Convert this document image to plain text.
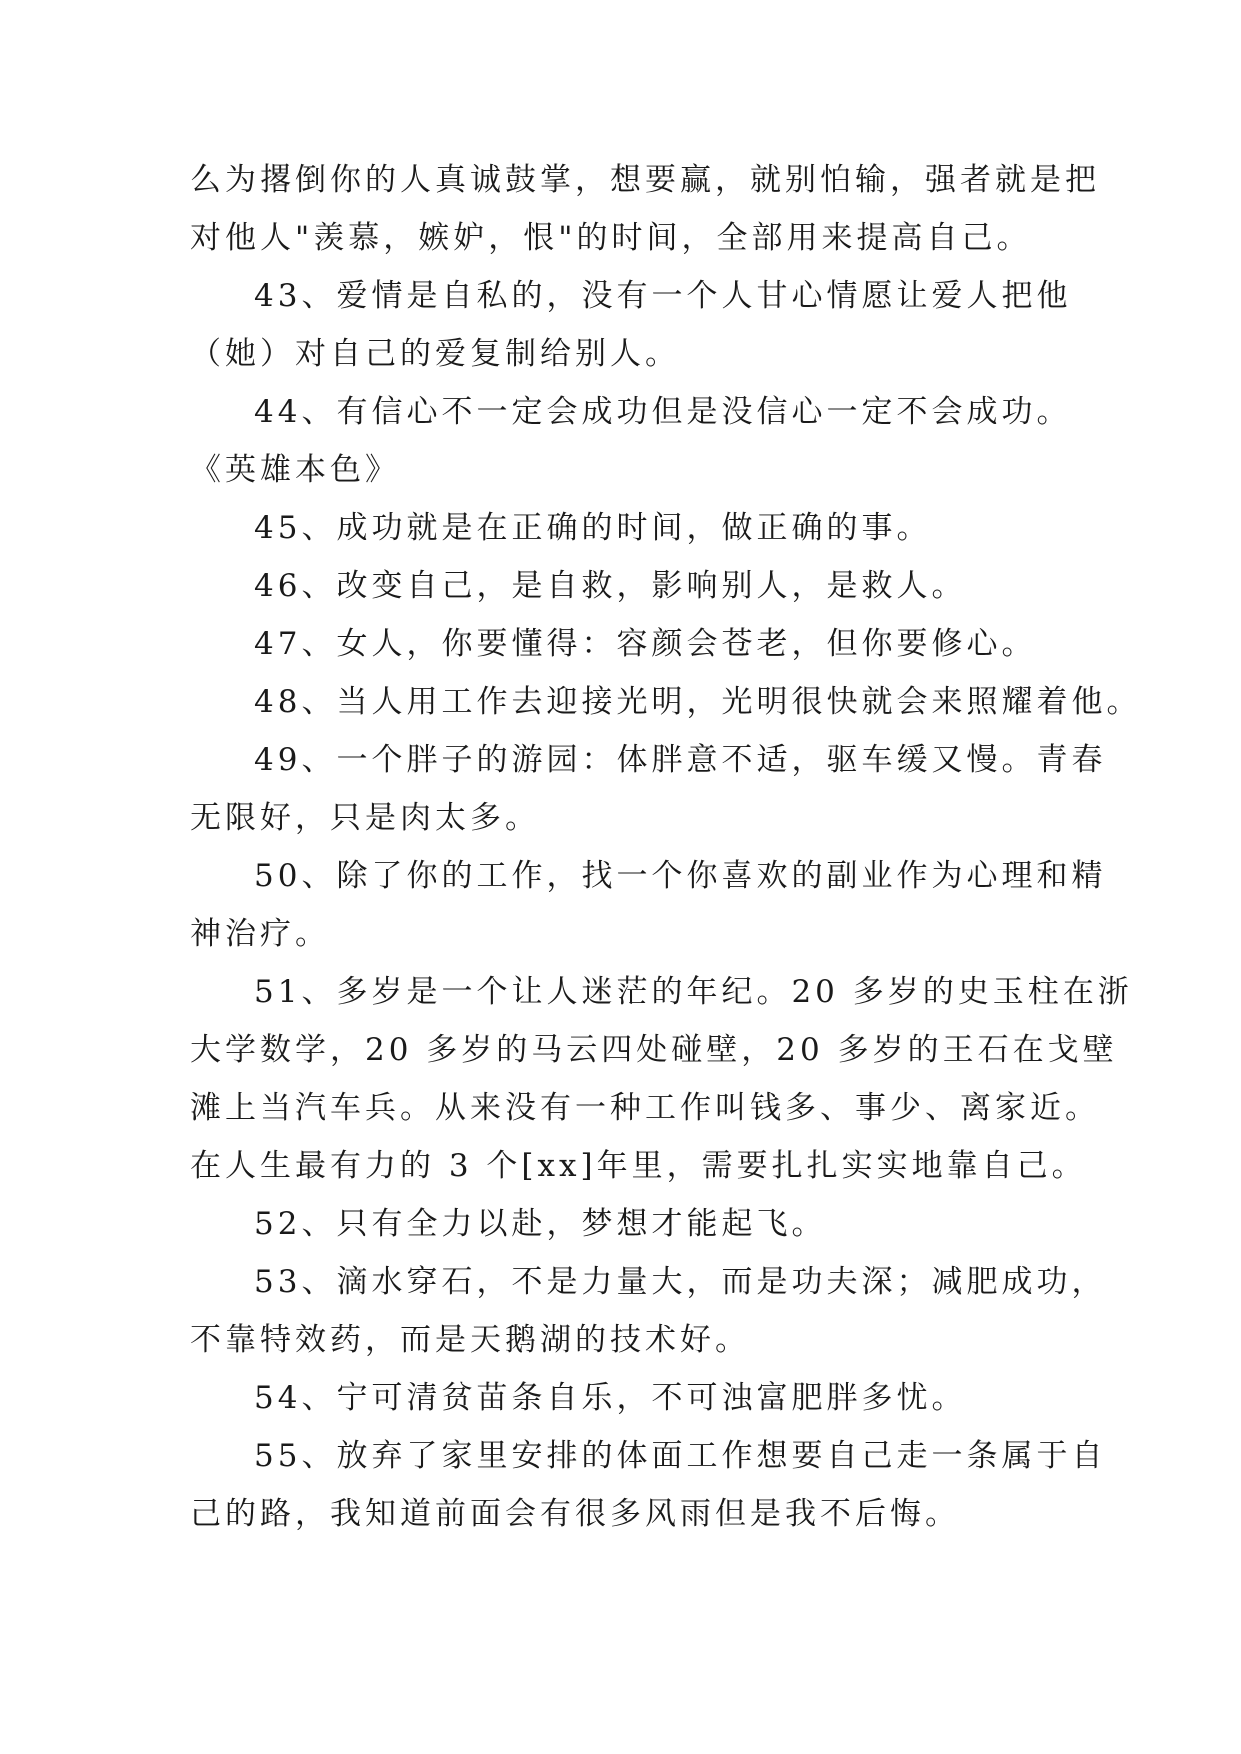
么为撂倒你的人真诚鼓掌，想要赢，就别怕输，强者就是把
对他人"羡慕，嫉妒，恨"的时间，全部用来提高自己。
43、爱情是自私的，没有一个人甘心情愿让爱人把他
（她）对自己的爱复制给别人。
44、有信心不一定会成功但是没信心一定不会成功。
《英雄本色》
45、成功就是在正确的时间，做正确的事。
46、改变自己，是自救，影响别人，是救人。
47、女人，你要懂得：容颜会苍老，但你要修心。
48、当人用工作去迎接光明，光明很快就会来照耀着他。
49、一个胖子的游园：体胖意不适，驱车缓又慢。青春
无限好，只是肉太多。
50、除了你的工作，找一个你喜欢的副业作为心理和精
神治疗。
51、多岁是一个让人迷茫的年纪。20 多岁的史玉柱在浙
大学数学，20 多岁的马云四处碰壁，20 多岁的王石在戈壁
滩上当汽车兵。从来没有一种工作叫钱多、事少、离家近。
在人生最有力的 3 个[xx]年里，需要扎扎实实地靠自己。
52、只有全力以赴，梦想才能起飞。
53、滴水穿石，不是力量大，而是功夫深；减肥成功，
不靠特效药，而是天鹅湖的技术好。
54、宁可清贫苗条自乐，不可浊富肥胖多忧。
55、放弃了家里安排的体面工作想要自己走一条属于自
己的路，我知道前面会有很多风雨但是我不后悔。
